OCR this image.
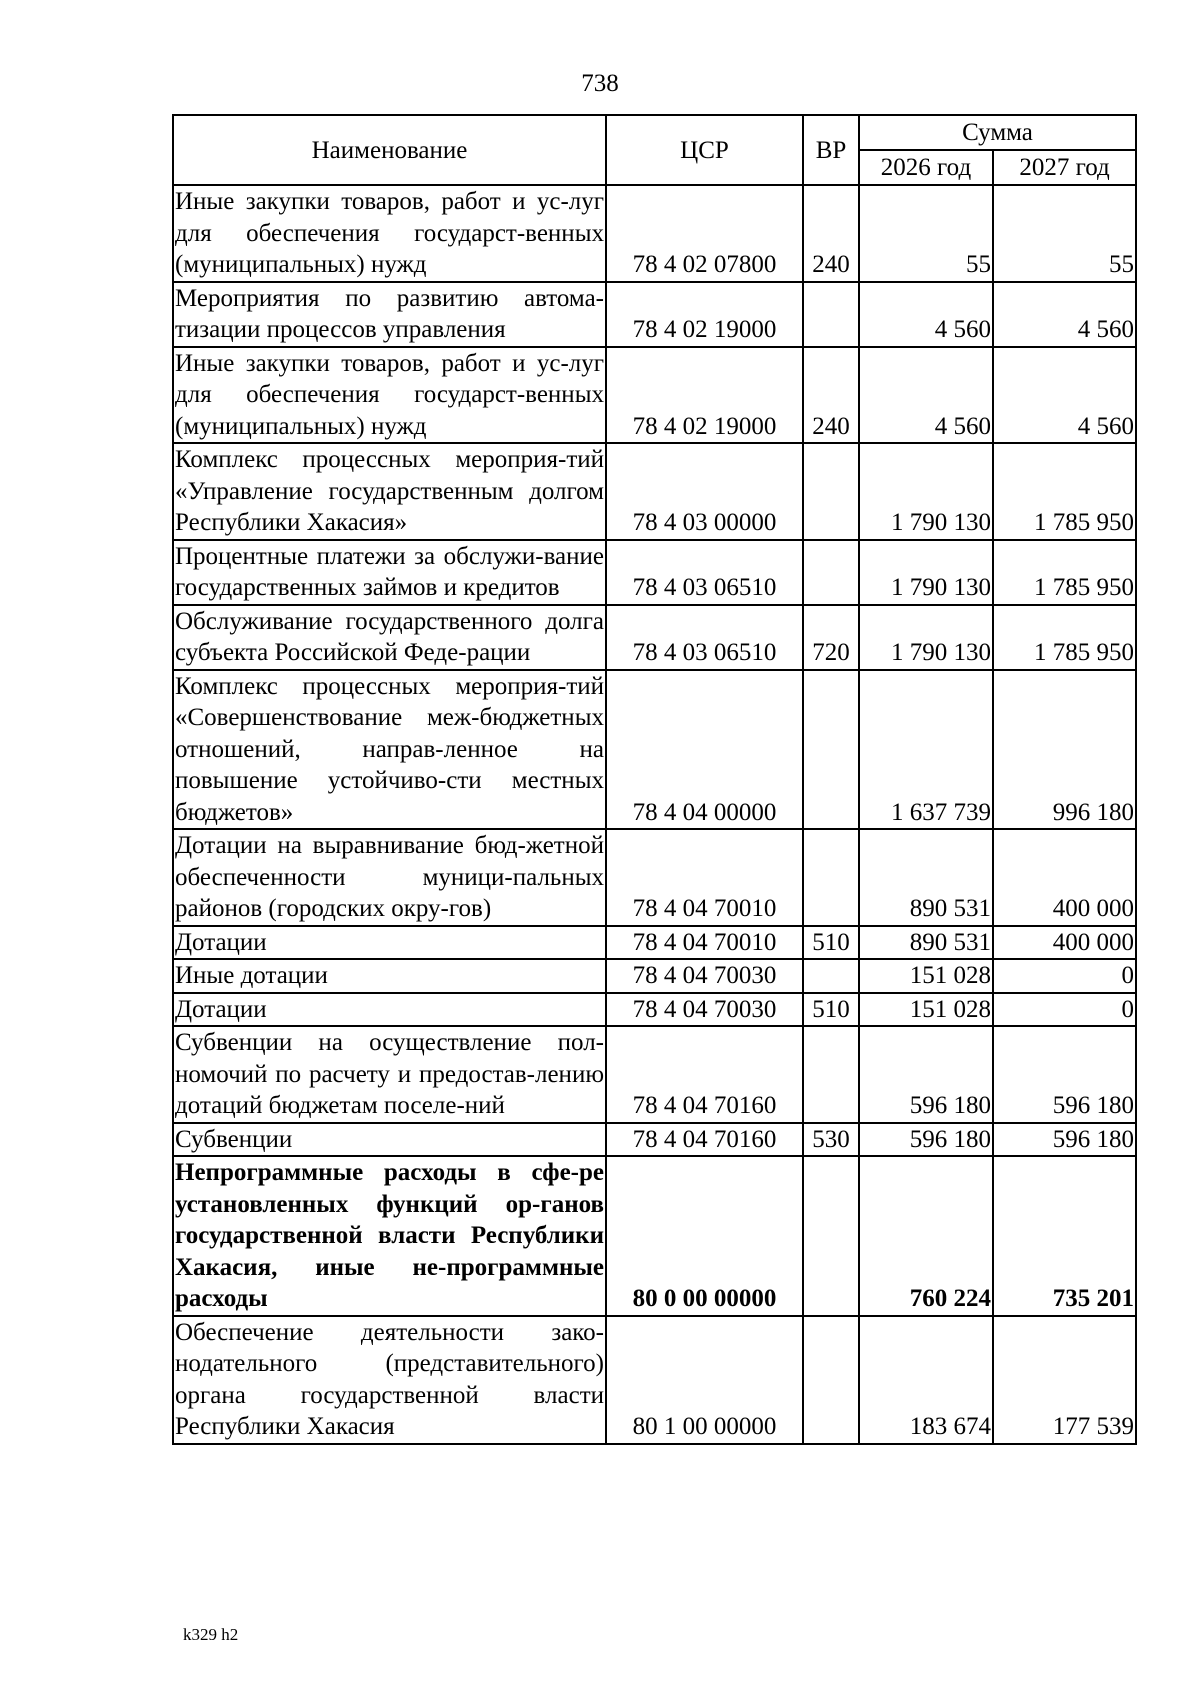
738
Наименование	ЦСР	ВР	Сумма	
			2026 год	2027 год
Иные закупки товаров, работ и ус-луг для обеспечения государст-венных (муниципальных) нужд	78 4 02 07800	240	55	55
Мероприятия по развитию автома-тизации процессов управления	78 4 02 19000		4 560	4 560
Иные закупки товаров, работ и ус-луг для обеспечения государст-венных (муниципальных) нужд	78 4 02 19000	240	4 560	4 560
Комплекс процессных мероприя-тий «Управление государственным долгом Республики Хакасия»	78 4 03 00000		1 790 130	1 785 950
Процентные платежи за обслужи-вание государственных займов и кредитов	78 4 03 06510		1 790 130	1 785 950
Обслуживание государственного долга субъекта Российской Феде-рации	78 4 03 06510	720	1 790 130	1 785 950
Комплекс процессных мероприя-тий «Совершенствование меж-бюджетных отношений, направ-ленное на повышение устойчиво-сти местных бюджетов»	78 4 04 00000		1 637 739	996 180
Дотации на выравнивание бюд-жетной обеспеченности муници-пальных районов (городских окру-гов)	78 4 04 70010		890 531	400 000
Дотации	78 4 04 70010	510	890 531	400 000
Иные дотации	78 4 04 70030		151 028	0
Дотации	78 4 04 70030	510	151 028	0
Субвенции на осуществление пол-номочий по расчету и предостав-лению дотаций бюджетам поселе-ний	78 4 04 70160		596 180	596 180
Субвенции	78 4 04 70160	530	596 180	596 180
Непрограммные расходы в сфе-ре установленных функций ор-ганов государственной власти Республики Хакасия, иные не-программные расходы	80 0 00 00000		760 224	735 201
Обеспечение деятельности зако-нодательного (представительного) органа государственной власти Республики Хакасия	80 1 00 00000		183 674	177 539
k329 h2
